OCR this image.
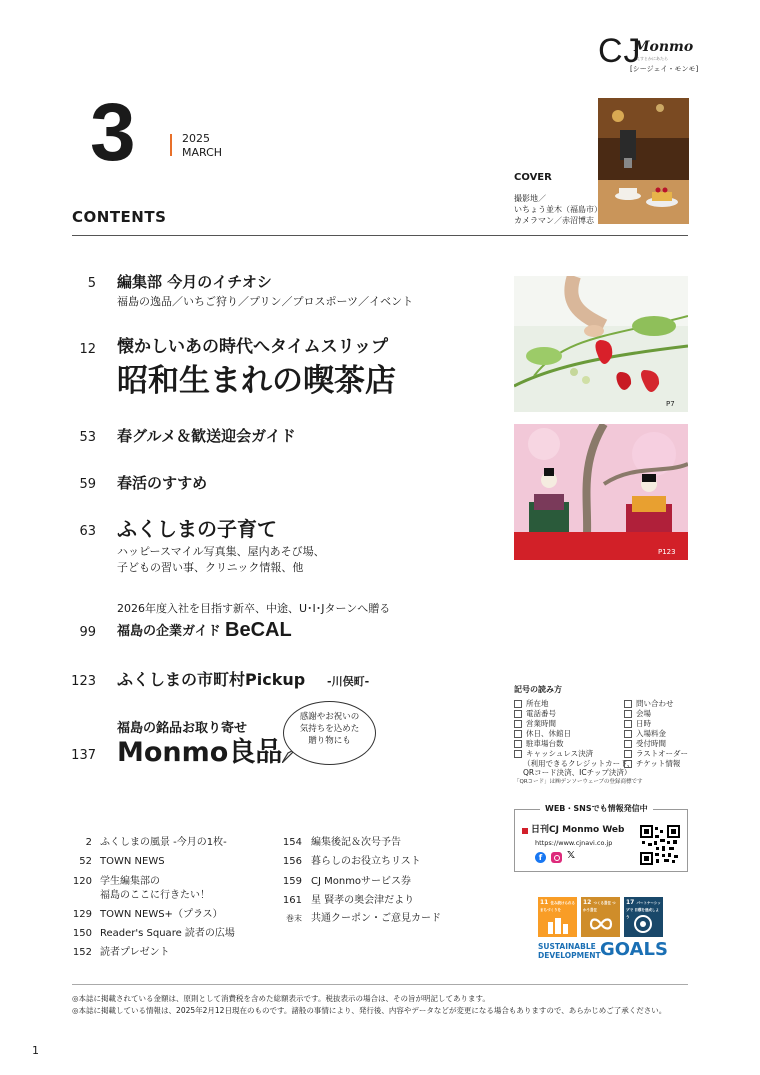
CJ
Monmo
えすとかにあたら
[シージェイ・モンモ]
3	2025
MARCH
COVER
撮影地／
いちょう並木（福島市）
カメラマン／赤沼博志
CONTENTS
5 編集部 今月のイチオシ
福島の逸品／いちご狩り／プリン／プロスポーツ／イベント
12 懐かしいあの時代へタイムスリップ
昭和生まれの喫茶店
53 春グルメ＆歓送迎会ガイド
59 春活のすすめ
63 ふくしまの子育て
ハッピースマイル写真集、屋内あそび場、
子どもの習い事、クリニック情報、他
2026年度入社を目指す新卒、中途、U･I･Jターンへ贈る
99 福島の企業ガイド BeCAL
123 ふくしまの市町村Pickup -川俣町-
福島の銘品お取り寄せ
137 Monmo良品
感謝やお祝いの
気持ちを込めた
贈り物にも
P7
P123
記号の読み方
所在地
電話番号
営業時間
休日、休館日
駐車場台数
キャッシュレス決済
（利用できるクレジットカード、
QRコード決済、ICチップ決済）
問い合わせ
会場
日時
入場料金
受付時間
ラストオーダー
チケット情報
「QRコード」は㈱デンソーウェーブの登録商標です
WEB・SNSでも情報発信中
日刊CJ Monmo Web
https://www.cjnavi.co.jp
f	𝕏
2 ふくしまの風景 -今月の1枚-
52 TOWN NEWS
120 学生編集部の
福島のここに行きたい！
129 TOWN NEWS+（プラス）
150 Reader's Square 読者の広場
152 読者プレゼント
154 編集後記＆次号予告
156 暮らしのお役立ちリスト
159 CJ Monmoサービス券
161 星 賢孝の奥会津だより
巻末 共通クーポン・ご意見カード
11 住み続けられる まちづくりを
12 つくる責任 つかう責任
17 パートナーシップで 目標を達成しよう
SUSTAINABLE
DEVELOPMENT GOALS
◎本誌に掲載されている金額は、原則として消費税を含めた総額表示です。税抜表示の場合は、その旨が明記してあります。
◎本誌に掲載している情報は、2025年2月12日現在のものです。諸般の事情により、発行後、内容やデータなどが変更になる場合もありますので、あらかじめご了承ください。
1
